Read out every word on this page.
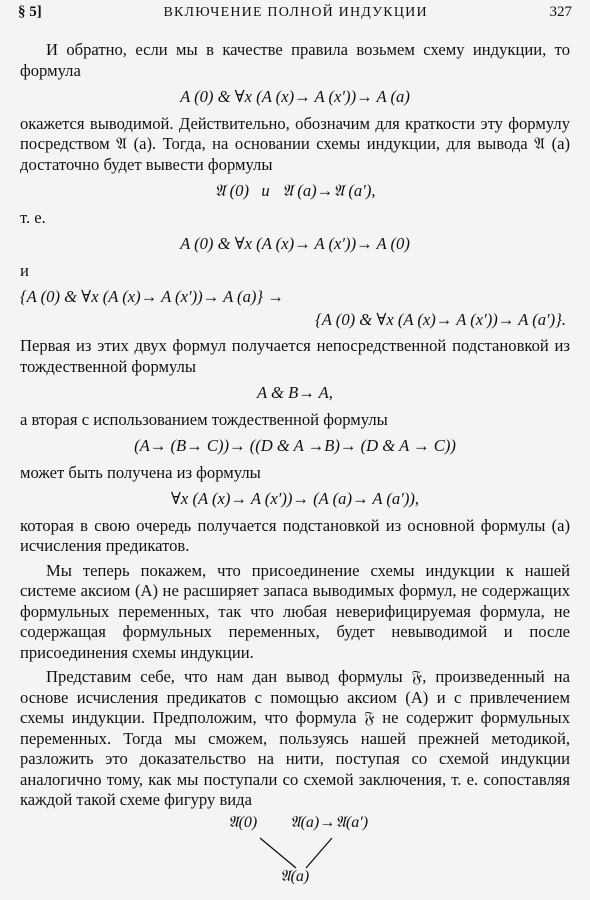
§ 5]	ВКЛЮЧЕНИЕ ПОЛНОЙ ИНДУКЦИИ	327

И обратно, если мы в качестве правила возьмем схему индукции, то формула

A (0) & ∀x (A (x)→ A (x′))→ A (a)

окажется выводимой. Действительно, обозначим для краткости эту формулу посредством 𝔄 (a). Тогда, на основании схемы индукции, для вывода 𝔄 (a) достаточно будет вывести формулы

𝔄 (0)   и   𝔄 (a)→𝔄 (a′),

т. е.

A (0) & ∀x (A (x)→ A (x′))→ A (0)

и

{A (0) & ∀x (A (x)→ A (x′))→ A (a)} →
{A (0) & ∀x (A (x)→ A (x′))→ A (a′)}.

Первая из этих двух формул получается непосредственной подстановкой из тождественной формулы

A & B→ A,

а вторая с использованием тождественной формулы

(A→ (B→ C))→ ((D & A →B)→ (D & A → C))

может быть получена из формулы

∀x (A (x)→ A (x′))→ (A (a)→ A (a′)),

которая в свою очередь получается подстановкой из основной формулы (a) исчисления предикатов.

Мы теперь покажем, что присоединение схемы индукции к нашей системе аксиом (A) не расширяет запаса выводимых формул, не содержащих формульных переменных, так что любая неверифицируемая формула, не содержащая формульных переменных, будет невыводимой и после присоединения схемы индукции.

Представим себе, что нам дан вывод формулы 𝔉, произведенный на основе исчисления предикатов с помощью аксиом (A) и с привлечением схемы индукции. Предположим, что формула 𝔉 не содержит формульных переменных. Тогда мы сможем, пользуясь нашей прежней методикой, разложить это доказательство на нити, поступая со схемой индукции аналогично тому, как мы поступали со схемой заключения, т. е. сопоставляя каждой такой схеме фигуру вида

𝔄(0) 𝔄(a)→𝔄(a′)
𝔄(a)
